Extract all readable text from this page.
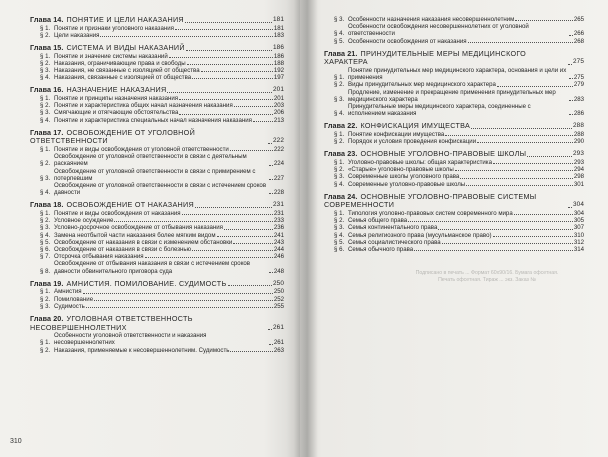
Глава 14. ПОНЯТИЕ И ЦЕЛИ НАКАЗАНИЯ	181
§ 1. Понятие и признаки уголовного наказания	181
§ 2. Цели наказания	183
Глава 15. СИСТЕМА И ВИДЫ НАКАЗАНИЙ	186
§ 1. Понятие и значение системы наказаний	186
§ 2. Наказания, ограничивающие права и свободы	188
§ 3. Наказания, не связанные с изоляцией от общества	192
§ 4. Наказания, связанные с изоляцией от общества	197
Глава 16. НАЗНАЧЕНИЕ НАКАЗАНИЯ	201
§ 1. Понятие и принципы назначения наказания	201
§ 2. Понятие и характеристика общих начал назначения наказания	203
§ 3. Смягчающие и отягчающие обстоятельства	206
§ 4. Понятие и характеристика специальных начал назначения наказания	213
Глава 17. ОСВОБОЖДЕНИЕ ОТ УГОЛОВНОЙ ОТВЕТСТВЕННОСТИ	222
§ 1. Понятие и виды освобождения от уголовной ответственности	222
§ 2.
Освобождение от уголовной ответственности в связи с деятельным раскаянием	224
§ 3.
Освобождение от уголовной ответственности в связи с примирением с потерпевшим	227
§ 4.
Освобождение от уголовной ответственности в связи с истечением сроков давности	228
Глава 18. ОСВОБОЖДЕНИЕ ОТ НАКАЗАНИЯ	231
§ 1. Понятие и виды освобождения от наказания	231
§ 2. Условное осуждение	233
§ 3. Условно-досрочное освобождение от отбывания наказания	236
§ 4. Замена неотбытой части наказания более мягким видом	241
§ 5. Освобождение от наказания в связи с изменением обстановки	243
§ 6. Освобождение от наказания в связи с болезнью	244
§ 7. Отсрочка отбывания наказания	246
§ 8.
Освобождение от отбывания наказания в связи с истечением сроков давности обвинительного приговора суда	248
Глава 19. АМНИСТИЯ. ПОМИЛОВАНИЕ. СУДИМОСТЬ	250
§ 1. Амнистия	250
§ 2. Помилование	252
§ 3. Судимость	255
Глава 20. УГОЛОВНАЯ ОТВЕТСТВЕННОСТЬ НЕСОВЕРШЕННОЛЕТНИХ	261
§ 1.
Особенности уголовной ответственности и наказания несовершеннолетних	261
§ 2. Наказания, применяемые к несовершеннолетним. Судимость	263
310
§ 3. Особенности назначения наказания несовершеннолетним	265
§ 4.
Особенности освобождения несовершеннолетних от уголовной ответственности	266
§ 5. Особенности освобождения от наказания	268
Глава 21. ПРИНУДИТЕЛЬНЫЕ МЕРЫ МЕДИЦИНСКОГО ХАРАКТЕРА	275
§ 1.
Понятие принудительных мер медицинского характера, основания и цели их применения	275
§ 2. Виды принудительных мер медицинского характера	279
§ 3.
Продление, изменение и прекращение применения принудительных мер медицинского характера	283
§ 4.
Принудительные меры медицинского характера, соединенные с исполнением наказания	286
Глава 22. КОНФИСКАЦИЯ ИМУЩЕСТВА	288
§ 1. Понятие конфискации имущества	288
§ 2. Порядок и условия проведения конфискации	290
Глава 23. ОСНОВНЫЕ УГОЛОВНО-ПРАВОВЫЕ ШКОЛЫ	293
§ 1. Уголовно-правовые школы: общая характеристика	293
§ 2. «Старые» уголовно-правовые школы	294
§ 3. Современные школы уголовного права	298
§ 4. Современные уголовно-правовые школы	301
Глава 24. ОСНОВНЫЕ УГОЛОВНО-ПРАВОВЫЕ СИСТЕМЫ СОВРЕМЕННОСТИ	304
§ 1. Типология уголовно-правовых систем современного мира	304
§ 2. Семья общего права	305
§ 3. Семья континентального права	307
§ 4. Семья религиозного права (мусульманское право)	310
§ 5. Семья социалистического права	312
§ 6. Семья обычного права	314
Подписано в печать ... Формат 60х90/16. Бумага офсетная. Печать офсетная. Тираж ... экз. Заказ №
